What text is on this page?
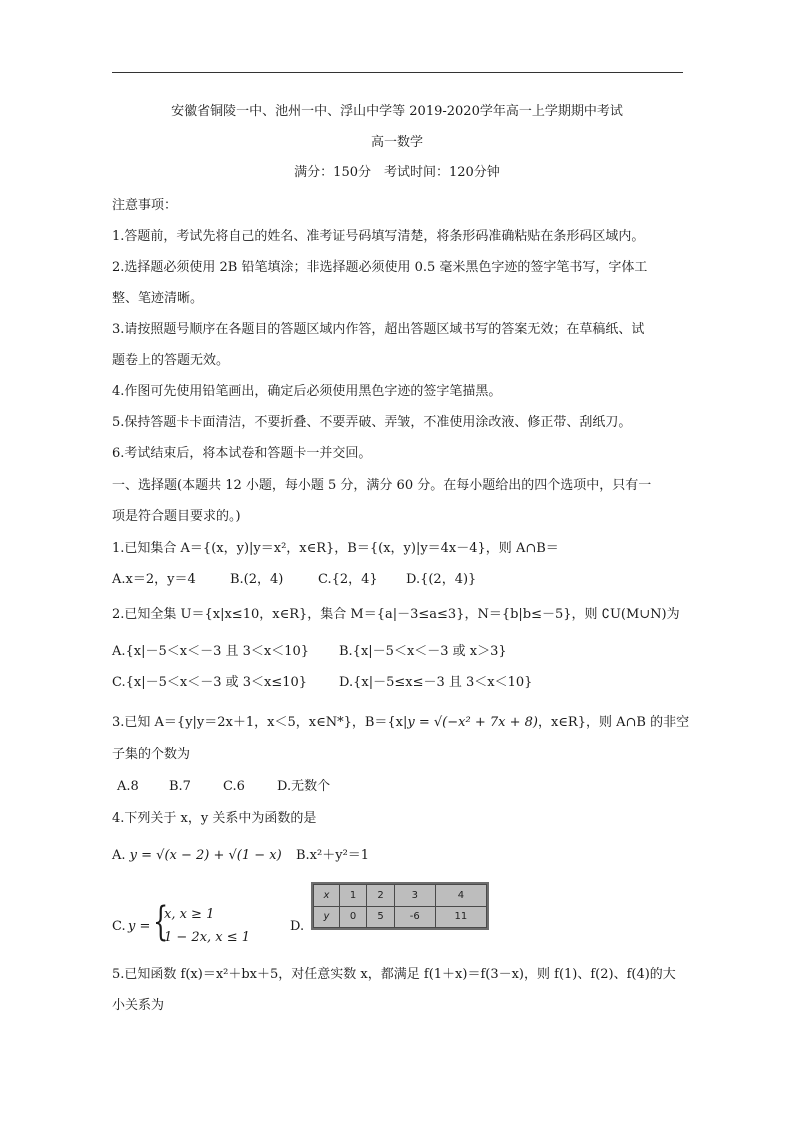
安徽省铜陵一中、池州一中、浮山中学等 2019-2020学年高一上学期期中考试
高一数学
满分：150分　考试时间：120分钟
注意事项：
1.答题前，考试先将自己的姓名、准考证号码填写清楚，将条形码准确粘贴在条形码区域内。
2.选择题必须使用 2B 铅笔填涂；非选择题必须使用 0.5 毫米黑色字迹的签字笔书写，字体工
整、笔迹清晰。
3.请按照题号顺序在各题目的答题区域内作答，超出答题区域书写的答案无效；在草稿纸、试
题卷上的答题无效。
4.作图可先使用铅笔画出，确定后必须使用黑色字迹的签字笔描黑。
5.保持答题卡卡面清洁，不要折叠、不要弄破、弄皱，不准使用涂改液、修正带、刮纸刀。
6.考试结束后，将本试卷和答题卡一并交回。
一、选择题(本题共 12 小题，每小题 5 分，满分 60 分。在每小题给出的四个选项中，只有一
项是符合题目要求的。)
1.已知集合 A＝{(x，y)|y＝x²，x∈R}，B＝{(x，y)|y＝4x－4}，则 A∩B＝
A.x＝2，y＝4	B.(2，4)	C.{2，4} D.{(2，4)}
2.已知全集 U＝{x|x≤10，x∈R}，集合 M＝{a|－3≤a≤3}，N＝{b|b≤－5}，则 ∁U(M∪N)为
A.{x|－5＜x＜－3 且 3＜x＜10} B.{x|－5＜x＜－3 或 x＞3}
C.{x|－5＜x＜－3 或 3＜x≤10} D.{x|－5≤x≤－3 且 3＜x＜10}
3.已知 A＝{y|y＝2x＋1，x＜5，x∈N*}，B＝{x|y = √(−x² + 7x + 8)，x∈R}，则 A∩B 的非空
子集的个数为
A.8 B.7 C.6 D.无数个
4.下列关于 x，y 关系中为函数的是
A. y = √(x − 2) + √(1 − x) B.x²＋y²＝1
C. y = {
x, x ≥ 1
1 − 2x, x ≤ 1
D.
x	1	2	3	4
y	0	5	-6	11
5.已知函数 f(x)＝x²＋bx＋5，对任意实数 x，都满足 f(1＋x)＝f(3－x)，则 f(1)、f(2)、f(4)的大
小关系为
